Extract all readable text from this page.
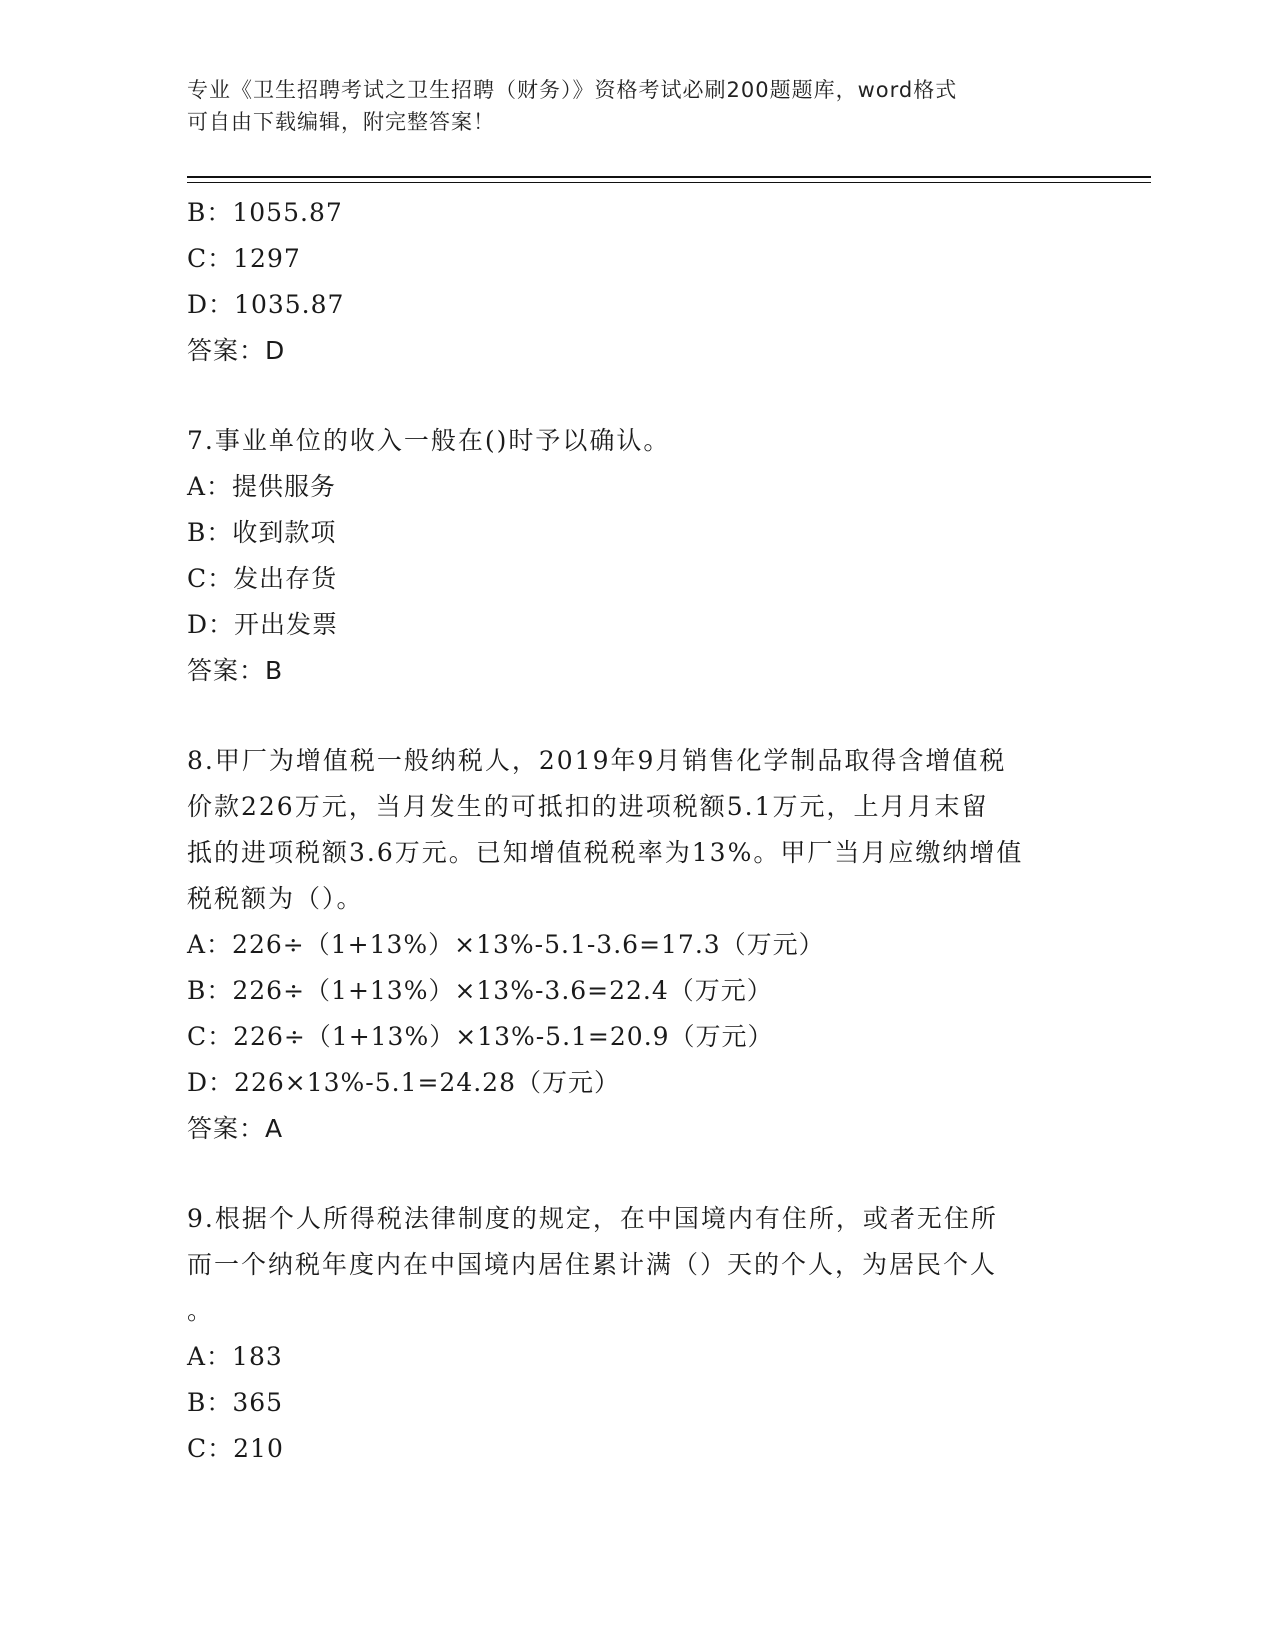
专业《卫生招聘考试之卫生招聘（财务）》资格考试必刷200题题库，word格式
可自由下载编辑，附完整答案！
B：1055.87
C：1297
D：1035.87
答案：D
7.事业单位的收入一般在()时予以确认。
A：提供服务
B：收到款项
C：发出存货
D：开出发票
答案：B
8.甲厂为增值税一般纳税人，2019年9月销售化学制品取得含增值税
价款226万元，当月发生的可抵扣的进项税额5.1万元，上月月末留
抵的进项税额3.6万元。已知增值税税率为13%。甲厂当月应缴纳增值
税税额为（）。
A：226÷（1+13%）×13%-5.1-3.6=17.3（万元）
B：226÷（1+13%）×13%-3.6=22.4（万元）
C：226÷（1+13%）×13%-5.1=20.9（万元）
D：226×13%-5.1=24.28（万元）
答案：A
9.根据个人所得税法律制度的规定，在中国境内有住所，或者无住所
而一个纳税年度内在中国境内居住累计满（）天的个人，为居民个人
。
A：183
B：365
C：210
